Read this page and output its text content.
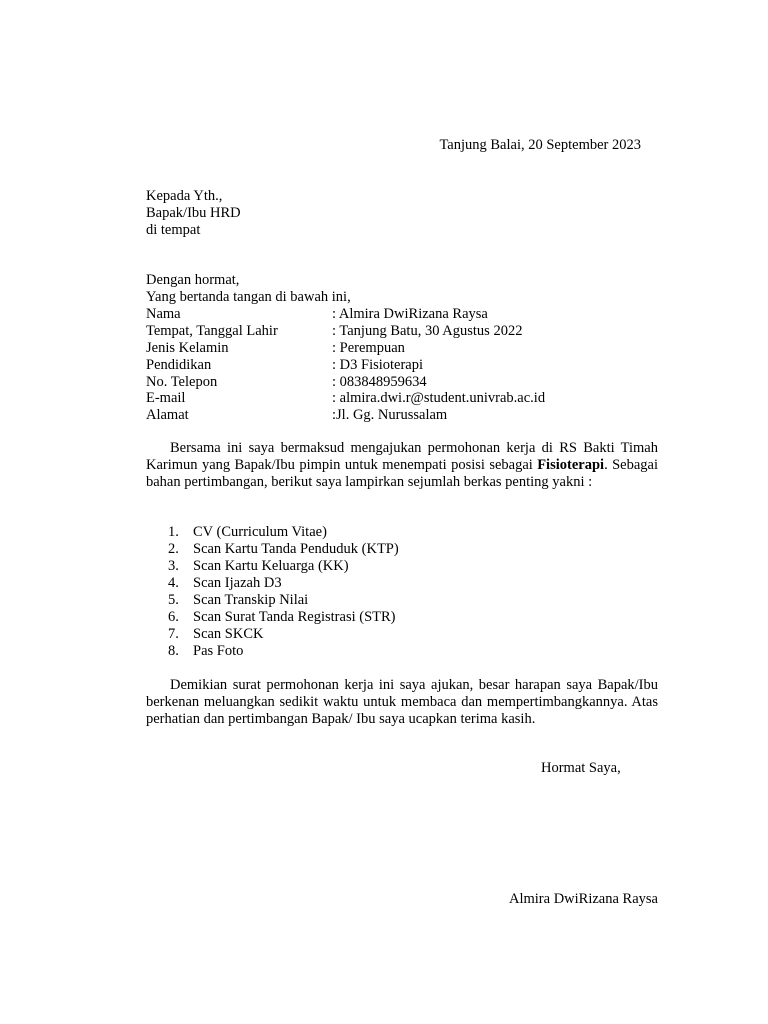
Tanjung Balai, 20 September 2023
Kepada Yth.,
Bapak/Ibu HRD
di tempat
Dengan hormat,
Yang bertanda tangan di bawah ini,
Nama	: Almira DwiRizana Raysa
Tempat, Tanggal Lahir	: Tanjung Batu, 30 Agustus 2022
Jenis Kelamin	: Perempuan
Pendidikan	: D3 Fisioterapi
No. Telepon	: 083848959634
E-mail	: almira.dwi.r@student.univrab.ac.id
Alamat	:Jl. Gg. Nurussalam
Bersama ini saya bermaksud mengajukan permohonan kerja di RS Bakti Timah Karimun yang Bapak/Ibu pimpin untuk menempati posisi sebagai Fisioterapi. Sebagai bahan pertimbangan, berikut saya lampirkan sejumlah berkas penting yakni :
1. CV (Curriculum Vitae)
2. Scan Kartu Tanda Penduduk (KTP)
3. Scan Kartu Keluarga (KK)
4. Scan Ijazah D3
5. Scan Transkip Nilai
6. Scan Surat Tanda Registrasi (STR)
7. Scan SKCK
8. Pas Foto
Demikian surat permohonan kerja ini saya ajukan, besar harapan saya Bapak/Ibu berkenan meluangkan sedikit waktu untuk membaca dan mempertimbangkannya. Atas perhatian dan pertimbangan Bapak/ Ibu saya ucapkan terima kasih.
Hormat Saya,
Almira DwiRizana Raysa
